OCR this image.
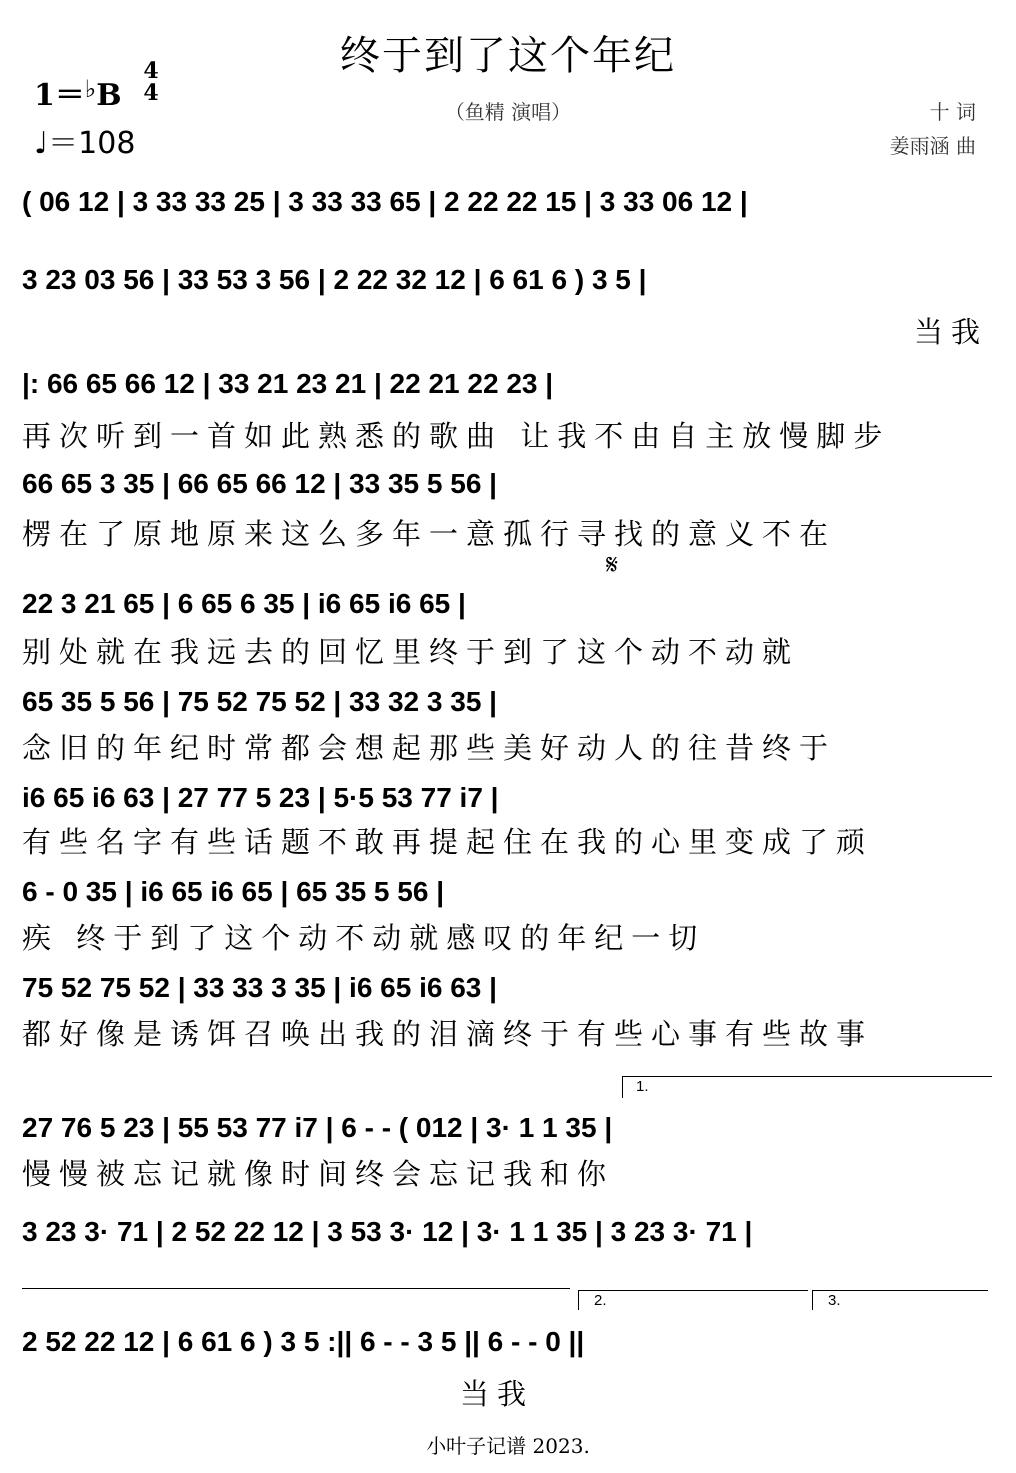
终于到了这个年纪
1＝♭B
4
4
♩＝108
（鱼精 演唱）	十 词
姜雨涵 曲
( 06 12 | 3 33 33 25 | 3 33 33 65 | 2 22 22 15 | 3 33 06 12 |
3 23 03 56 | 33 53 3 56 | 2 22 32 12 | 6 61 6 ) 3 5 |
当我
|: 66 65 66 12 | 33 21 23 21 | 22 21 22 23 |
再次听到一首如此熟悉的歌曲 让我不由自主放慢脚步
66 65 3 35 | 66 65 66 12 | 33 35 5 56 |
楞在了原地原来这么多年一意孤行寻找的意义不在
𝄋
22 3 21 65 | 6 65 6 35 | i6 65 i6 65 |
别处就在我远去的回忆里终于到了这个动不动就
65 35 5 56 | 75 52 75 52 | 33 32 3 35 |
念旧的年纪时常都会想起那些美好动人的往昔终于
i6 65 i6 63 | 27 77 5 23 | 5·5 53 77 i7 |
有些名字有些话题不敢再提起住在我的心里变成了顽
6 - 0 35 | i6 65 i6 65 | 65 35 5 56 |
疾 终于到了这个动不动就感叹的年纪一切
75 52 75 52 | 33 33 3 35 | i6 65 i6 63 |
都好像是诱饵召唤出我的泪滴终于有些心事有些故事
1.
27 76 5 23 | 55 53 77 i7 | 6 - - ( 012 | 3· 1 1 35 |
慢慢被忘记就像时间终会忘记我和你
3 23 3· 71 | 2 52 22 12 | 3 53 3· 12 | 3· 1 1 35 | 3 23 3· 71 |
2.	3.
2 52 22 12 | 6 61 6 ) 3 5 :|| 6 - - 3 5 || 6 - - 0 ||
当我
小叶子记谱 2023.
